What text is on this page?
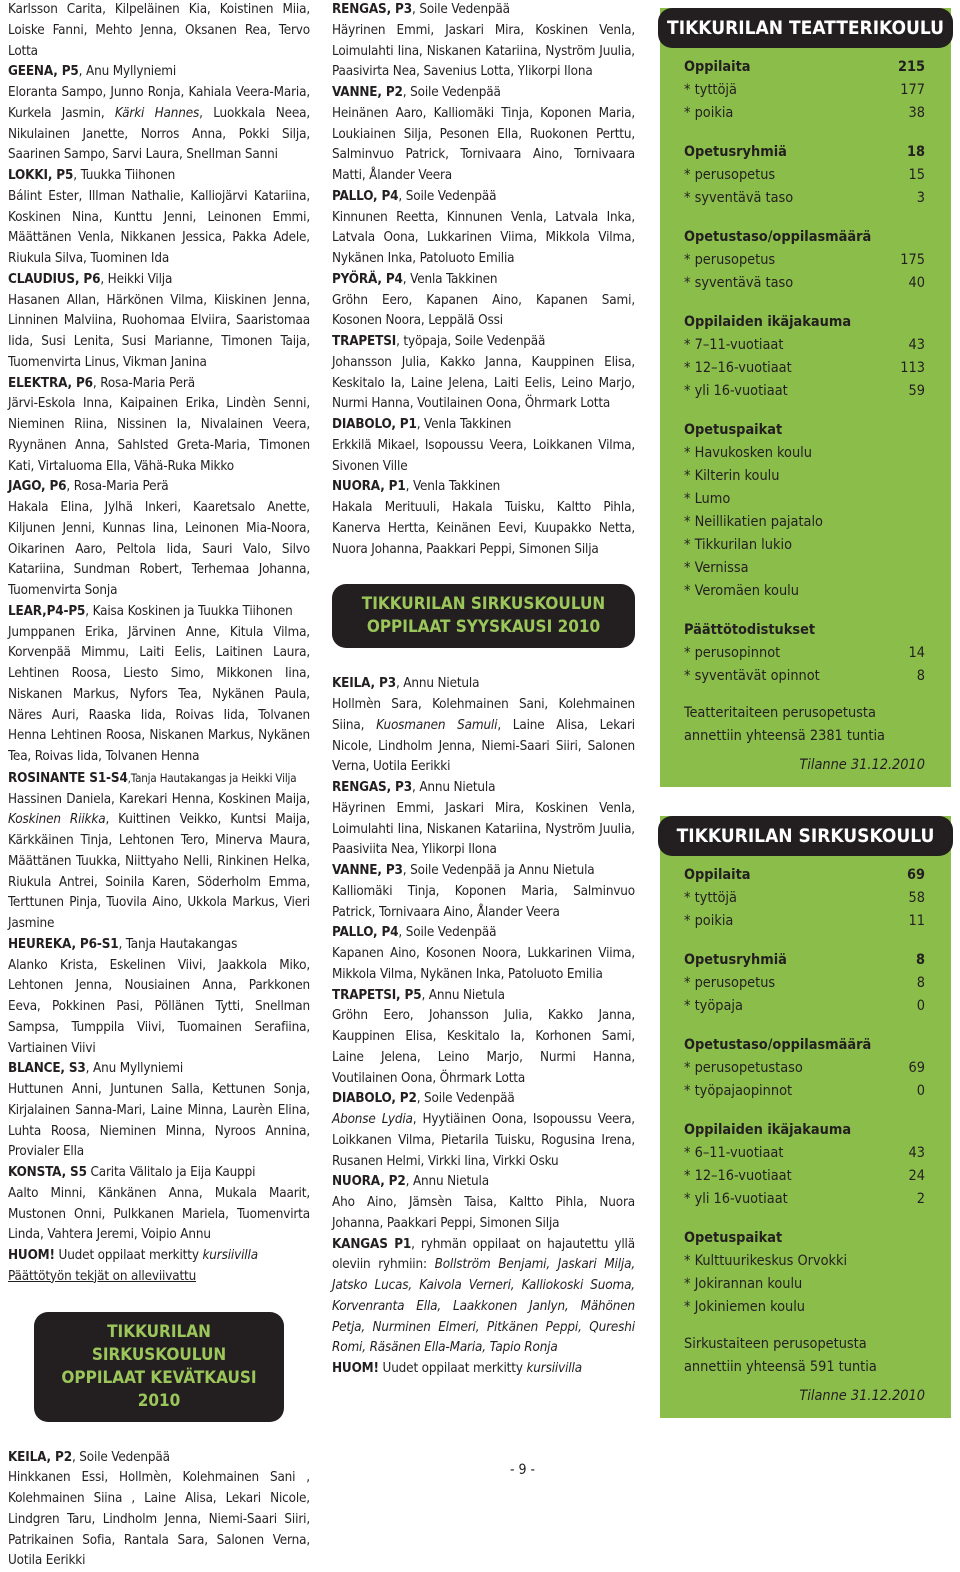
Karlsson Carita, Kilpeläinen Kia, Koistinen Miia, Loiske Fanni, Mehto Jenna, Oksanen Rea, Tervo Lotta

GEENA, P5, Anu Myllyniemi

Eloranta Sampo, Junno Ronja, Kahiala Veera-Maria, Kurkela Jasmin, Kärki Hannes, Luokkala Neea, Nikulainen Janette, Norros Anna, Pokki Silja, Saarinen Sampo, Sarvi Laura, Snellman Sanni

LOKKI, P5, Tuukka Tiihonen

Bálint Ester, Illman Nathalie, Kalliojärvi Katariina, Koskinen Nina, Kunttu Jenni, Leinonen Emmi, Määttänen Venla, Nikkanen Jessica, Pakka Adele, Riukula Silva, Tuominen Ida

CLAUDIUS, P6, Heikki Vilja

Hasanen Allan, Härkönen Vilma, Kiiskinen Jenna, Linninen Malviina, Ruohomaa Elviira, Saaristomaa Iida, Susi Lenita, Susi Marianne, Timonen Taija, Tuomenvirta Linus, Vikman Janina

ELEKTRA, P6, Rosa-Maria Perä

Järvi-Eskola Inna, Kaipainen Erika, Lindèn Senni, Nieminen Riina, Nissinen Ia, Nivalainen Veera, Ryynänen Anna, Sahlsted Greta-Maria, Timonen Kati, Virtaluoma Ella, Vähä-Ruka Mikko

JAGO, P6, Rosa-Maria Perä

Hakala Elina, Jylhä Inkeri, Kaaretsalo Anette, Kiljunen Jenni, Kunnas Iina, Leinonen Mia-Noora, Oikarinen Aaro, Peltola Iida, Sauri Valo, Silvo Katariina, Sundman Robert, Terhemaa Johanna, Tuomenvirta Sonja

LEAR,P4-P5, Kaisa Koskinen ja Tuukka Tiihonen

Jumppanen Erika, Järvinen Anne, Kitula Vilma, Korvenpää Mimmu, Laiti Eelis, Laitinen Laura, Lehtinen Roosa, Liesto Simo, Mikkonen Iina, Niskanen Markus, Nyfors Tea, Nykänen Paula, Näres Auri, Raaska Iida, Roivas Iida, Tolvanen Henna Lehtinen Roosa, Niskanen Markus, Nykänen Tea, Roivas Iida, Tolvanen Henna

ROSINANTE S1-S4,Tanja Hautakangas ja Heikki Vilja

Hassinen Daniela, Karekari Henna, Koskinen Maija, Koskinen Riikka, Kuittinen Veikko, Kuntsi Maija, Kärkkäinen Tinja, Lehtonen Tero, Minerva Maura, Määttänen Tuukka, Niittyaho Nelli, Rinkinen Helka, Riukula Antrei, Soinila Karen, Söderholm Emma, Terttunen Pinja, Tuovila Aino, Ukkola Markus, Vieri Jasmine

HEUREKA, P6-S1, Tanja Hautakangas

Alanko Krista, Eskelinen Viivi, Jaakkola Miko, Lehtonen Jenna, Nousiainen Anna, Parkkonen Eeva, Pokkinen Pasi, Pöllänen Tytti, Snellman Sampsa, Tumppila Viivi, Tuomainen Serafiina, Vartiainen Viivi

BLANCE, S3, Anu Myllyniemi

Huttunen Anni, Juntunen Salla, Kettunen Sonja, Kirjalainen Sanna-Mari, Laine Minna, Laurèn Elina, Luhta Roosa, Nieminen Minna, Nyroos Annina, Provialer Ella

KONSTA, S5 Carita Välitalo ja Eija Kauppi

Aalto Minni, Känkänen Anna, Mukala Maarit, Mustonen Onni, Pulkkanen Mariela, Tuomenvirta Linda, Vahtera Jeremi, Voipio Annu

HUOM! Uudet oppilaat merkitty kursiivilla

Päättötyön tekjät on alleviivattu

TIKKURILAN SIRKUSKOULUN
OPPILAAT KEVÄTKAUSI 2010

KEILA, P2, Soile Vedenpää

Hinkkanen Essi, Hollmèn, Kolehmainen Sani , Kolehmainen Siina , Laine Alisa, Lekari Nicole, Lindgren Taru, Lindholm Jenna, Niemi-Saari Siiri, Patrikainen Sofia, Rantala Sara, Salonen Verna, Uotila Eerikki

RENGAS, P3, Soile Vedenpää

Häyrinen Emmi, Jaskari Mira, Koskinen Venla, Loimulahti Iina, Niskanen Katariina, Nyström Juulia, Paasivirta Nea, Savenius Lotta, Ylikorpi Ilona

VANNE, P2, Soile Vedenpää

Heinänen Aaro, Kalliomäki Tinja, Koponen Maria, Loukiainen Silja, Pesonen Ella, Ruokonen Perttu, Salminvuo Patrick, Tornivaara Aino, Tornivaara Matti, Ålander Veera

PALLO, P4, Soile Vedenpää

Kinnunen Reetta, Kinnunen Venla, Latvala Inka, Latvala Oona, Lukkarinen Viima, Mikkola Vilma, Nykänen Inka, Patoluoto Emilia

PYÖRÄ, P4, Venla Takkinen

Gröhn Eero, Kapanen Aino, Kapanen Sami, Kosonen Noora, Leppälä Ossi

TRAPETSI, työpaja, Soile Vedenpää

Johansson Julia, Kakko Janna, Kauppinen Elisa, Keskitalo Ia, Laine Jelena, Laiti Eelis, Leino Marjo, Nurmi Hanna, Voutilainen Oona, Öhrmark Lotta

DIABOLO, P1, Venla Takkinen

Erkkilä Mikael, Isopoussu Veera, Loikkanen Vilma, Sivonen Ville

NUORA, P1, Venla Takkinen

Hakala Merituuli, Hakala Tuisku, Kaltto Pihla, Kanerva Hertta, Keinänen Eevi, Kuupakko Netta, Nuora Johanna, Paakkari Peppi, Simonen Silja

TIKKURILAN SIRKUSKOULUN
OPPILAAT SYYSKAUSI 2010

KEILA, P3, Annu Nietula

Hollmèn Sara, Kolehmainen Sani, Kolehmainen Siina, Kuosmanen Samuli, Laine Alisa, Lekari Nicole, Lindholm Jenna, Niemi-Saari Siiri, Salonen Verna, Uotila Eerikki

RENGAS, P3, Annu Nietula

Häyrinen Emmi, Jaskari Mira, Koskinen Venla, Loimulahti Iina, Niskanen Katariina, Nyström Juulia, Paasiviita Nea, Ylikorpi Ilona

VANNE, P3, Soile Vedenpää ja Annu Nietula

Kalliomäki Tinja, Koponen Maria, Salminvuo Patrick, Tornivaara Aino, Ålander Veera

PALLO, P4, Soile Vedenpää

Kapanen Aino, Kosonen Noora, Lukkarinen Viima, Mikkola Vilma, Nykänen Inka, Patoluoto Emilia

TRAPETSI, P5, Annu Nietula

Gröhn Eero, Johansson Julia, Kakko Janna, Kauppinen Elisa, Keskitalo Ia, Korhonen Sami, Laine Jelena, Leino Marjo, Nurmi Hanna, Voutilainen Oona, Öhrmark Lotta

DIABOLO, P2, Soile Vedenpää

Abonse Lydia, Hyytiäinen Oona, Isopoussu Veera, Loikkanen Vilma, Pietarila Tuisku, Rogusina Irena, Rusanen Helmi, Virkki Iina, Virkki Osku

NUORA, P2, Annu Nietula

Aho Aino, Jämsèn Taisa, Kaltto Pihla, Nuora Johanna, Paakkari Peppi, Simonen Silja

KANGAS P1, ryhmän oppilaat on hajautettu yllä oleviin ryhmiin: Bollström Benjami, Jaskari Milja, Jatsko Lucas, Kaivola Verneri, Kalliokoski Suoma, Korvenranta Ella, Laakkonen Janlyn, Mähönen Petja, Nurminen Elmeri, Pitkänen Peppi, Qureshi Romi, Räsänen Ella-Maria, Tapio Ronja

HUOM! Uudet oppilaat merkitty kursiivilla

TIKKURILAN TEATTERIKOULU
Oppilaita	215
* tyttöjä	177
* poikia	38
Opetusryhmiä	18
* perusopetus	15
* syventävä taso	3
Opetustaso/oppilasmäärä
* perusopetus	175
* syventävä taso	40
Oppilaiden ikäjakauma
* 7–11-vuotiaat	43
* 12–16-vuotiaat	113
* yli 16-vuotiaat	59
Opetuspaikat
* Havukosken koulu
* Kilterin koulu
* Lumo
* Neillikatien pajatalo
* Tikkurilan lukio
* Vernissa
* Veromäen koulu
Päättötodistukset
* perusopinnot	14
* syventävät opinnot	8
Teatteritaiteen perusopetusta annettiin yhteensä 2381 tuntia
Tilanne 31.12.2010
TIKKURILAN SIRKUSKOULU
Oppilaita	69
* tyttöjä	58
* poikia	11
Opetusryhmiä	8
* perusopetus	8
* työpaja	0
Opetustaso/oppilasmäärä
* perusopetustaso	69
* työpajaopinnot	0
Oppilaiden ikäjakauma
* 6–11-vuotiaat	43
* 12–16-vuotiaat	24
* yli 16-vuotiaat	2
Opetuspaikat
* Kulttuurikeskus Orvokki
* Jokirannan koulu
* Jokiniemen koulu
Sirkustaiteen perusopetusta annettiin yhteensä 591 tuntia
Tilanne 31.12.2010
- 9 -
